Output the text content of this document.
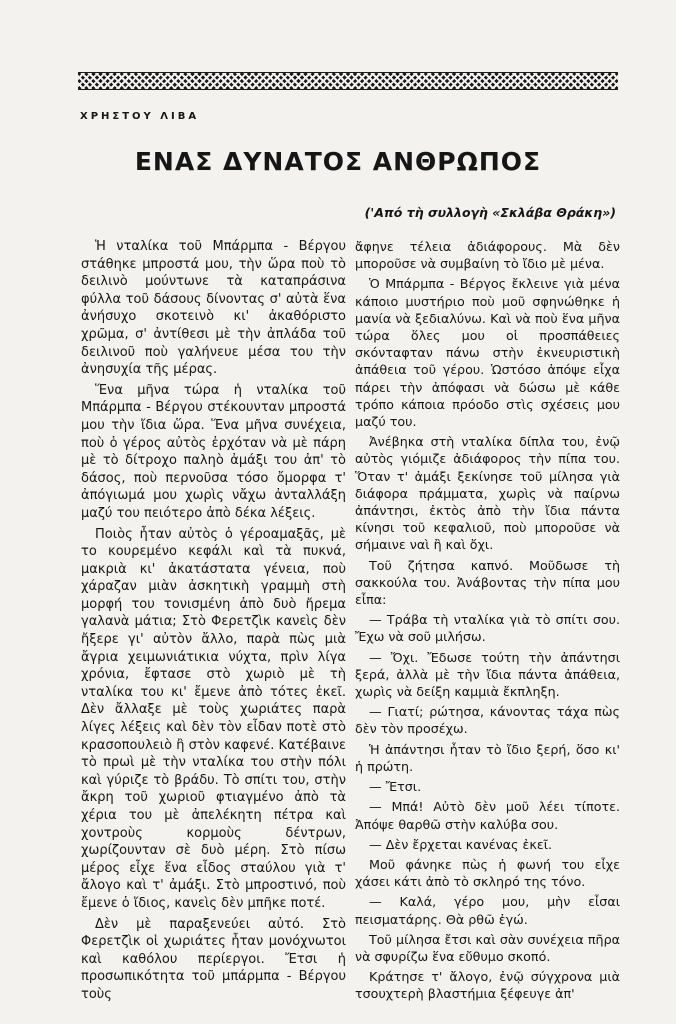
ΧΡΗΣΤΟΥ ΛΙΒΑ
ΕΝΑΣ ΔΥΝΑΤΟΣ ΑΝΘΡΩΠΟΣ
('Από τὴ συλλογὴ «Σκλάβα Θράκη»)

Ἡ νταλίκα τοῦ Μπάρμπα - Βέργου στάθηκε μπροστά μου, τὴν ὥρα ποὺ τὸ δειλινὸ μούντωνε τὰ καταπράσινα φύλλα τοῦ δάσους δίνοντας σ' αὐτὰ ἕνα ἀνήσυχο σκοτεινὸ κι' ἀκαθόριστο χρῶμα, σ' ἀντίθεσι μὲ τὴν ἀπλάδα τοῦ δειλινοῦ ποὺ γαλήνευε μέσα του τὴν ἀνησυχία τῆς μέρας.

Ἕνα μῆνα τώρα ἡ νταλίκα τοῦ Μπάρμπα - Βέργου στέκουνταν μπροστά μου τὴν ἴδια ὥρα. Ἕνα μῆνα συνέχεια, ποὺ ὁ γέρος αὐτὸς ἐρχόταν νὰ μὲ πάρη μὲ τὸ δίτροχο παληὸ ἀμάξι του ἀπ' τὸ δάσος, ποὺ περνοῦσα τόσο ὄμορφα τ' ἀπόγιωμά μου χωρὶς νἄχω ἀνταλλάξη μαζύ του πειότερο ἀπὸ δέκα λέξεις.

Ποιὸς ἦταν αὐτὸς ὁ γέροαμαξᾶς, μὲ το κουρεμένο κεφάλι καὶ τὰ πυκνά, μακριὰ κι' ἀκατάστατα γένεια, ποὺ χάραζαν μιὰν ἀσκητικὴ γραμμὴ στὴ μορφή του τονισμένη ἀπὸ δυὸ ἤρεμα γαλανὰ μάτια; Στὸ Φερετζὶκ κανεὶς δὲν ἤξερε γι' αὐτὸν ἄλλο, παρὰ πὼς μιὰ ἄγρια χειμωνιάτικια νύχτα, πρὶν λίγα χρόνια, ἔφτασε στὸ χωριὸ μὲ τὴ νταλίκα του κι' ἔμενε ἀπὸ τότες ἐκεῖ. Δὲν ἄλλαξε μὲ τοὺς χωριάτες παρὰ λίγες λέξεις καὶ δὲν τὸν εἶδαν ποτὲ στὸ κρασοπουλειὸ ἢ στὸν καφενέ. Κατέβαινε τὸ πρωὶ μὲ τὴν νταλίκα του στὴν πόλι καὶ γύριζε τὸ βράδυ. Τὸ σπίτι του, στὴν ἄκρη τοῦ χωριοῦ φτιαγμένο ἀπὸ τὰ χέρια του μὲ ἀπελέκητη πέτρα καὶ χοντροὺς κορμοὺς δέντρων, χωρίζουνταν σὲ δυὸ μέρη. Στὸ πίσω μέρος εἶχε ἕνα εἶδος σταύλου γιὰ τ' ἄλογο καὶ τ' ἀμάξι. Στὸ μπροστινό, ποὺ ἔμενε ὁ ἴδιος, κανεὶς δὲν μπῆκε ποτέ.

Δὲν μὲ παραξενεύει αὐτό. Στὸ Φερετζὶκ οἱ χωριάτες ἦταν μονόχνωτοι καὶ καθόλου περίεργοι. Ἔτσι ἡ προσωπικότητα τοῦ μπάρμπα - Βέργου τοὺς

ἄφηνε τέλεια ἀδιάφορους. Μὰ δὲν μποροῦσε νὰ συμβαίνη τὸ ἴδιο μὲ μένα.

Ὁ Μπάρμπα - Βέργος ἔκλεινε γιὰ μένα κάποιο μυστήριο ποὺ μοῦ σφηνώθηκε ἡ μανία νὰ ξεδιαλύνω. Καὶ νὰ ποὺ ἕνα μῆνα τώρα ὅλες μου οἱ προσπάθειες σκόνταφταν πάνω στὴν ἐκνευριστικὴ ἀπάθεια τοῦ γέρου. Ὡστόσο ἀπόψε εἶχα πάρει τὴν ἀπόφασι νὰ δώσω μὲ κάθε τρόπο κάποια πρόοδο στὶς σχέσεις μου μαζύ του.

Ἀνέβηκα στὴ νταλίκα δίπλα του, ἐνῷ αὐτὸς γιόμιζε ἀδιάφορος τὴν πίπα του. Ὅταν τ' ἀμάξι ξεκίνησε τοῦ μίλησα γιὰ διάφορα πράμματα, χωρὶς νὰ παίρνω ἀπάντησι, ἐκτὸς ἀπὸ τὴν ἴδια πάντα κίνησι τοῦ κεφαλιοῦ, ποὺ μποροῦσε νὰ σήμαινε ναὶ ἢ καὶ ὄχι.

Τοῦ ζήτησα καπνό. Μοῦδωσε τὴ σακκούλα του. Ἀνάβοντας τὴν πίπα μου εἶπα:

— Τράβα τὴ νταλίκα γιὰ τὸ σπίτι σου. Ἔχω νὰ σοῦ μιλήσω.

— Ὄχι. Ἔδωσε τούτη τὴν ἀπάντησι ξερά, ἀλλὰ μὲ τὴν ἴδια πάντα ἀπάθεια, χωρὶς νὰ δείξη καμμιὰ ἔκπληξη.

— Γιατί; ρώτησα, κάνοντας τάχα πὼς δὲν τὸν προσέχω.

Ἡ ἀπάντησι ἦταν τὸ ἴδιο ξερή, ὅσο κι' ἡ πρώτη.

— Ἔτσι.

— Μπά! Αὐτὸ δὲν μοῦ λέει τίποτε. Ἀπόψε θαρθῶ στὴν καλύβα σου.

— Δὲν ἔρχεται κανένας ἐκεῖ.

Μοῦ φάνηκε πὼς ἡ φωνή του εἶχε χάσει κάτι ἀπὸ τὸ σκληρό της τόνο.

— Καλά, γέρο μου, μὴν εἶσαι πεισματάρης. Θὰ ρθῶ ἐγώ.

Τοῦ μίλησα ἔτσι καὶ σὰν συνέχεια πῆρα νὰ σφυρίζω ἕνα εὔθυμο σκοπό.

Κράτησε τ' ἄλογο, ἐνῷ σύγχρονα μιὰ τσουχτερὴ βλαστήμια ξέφευγε ἀπ'
